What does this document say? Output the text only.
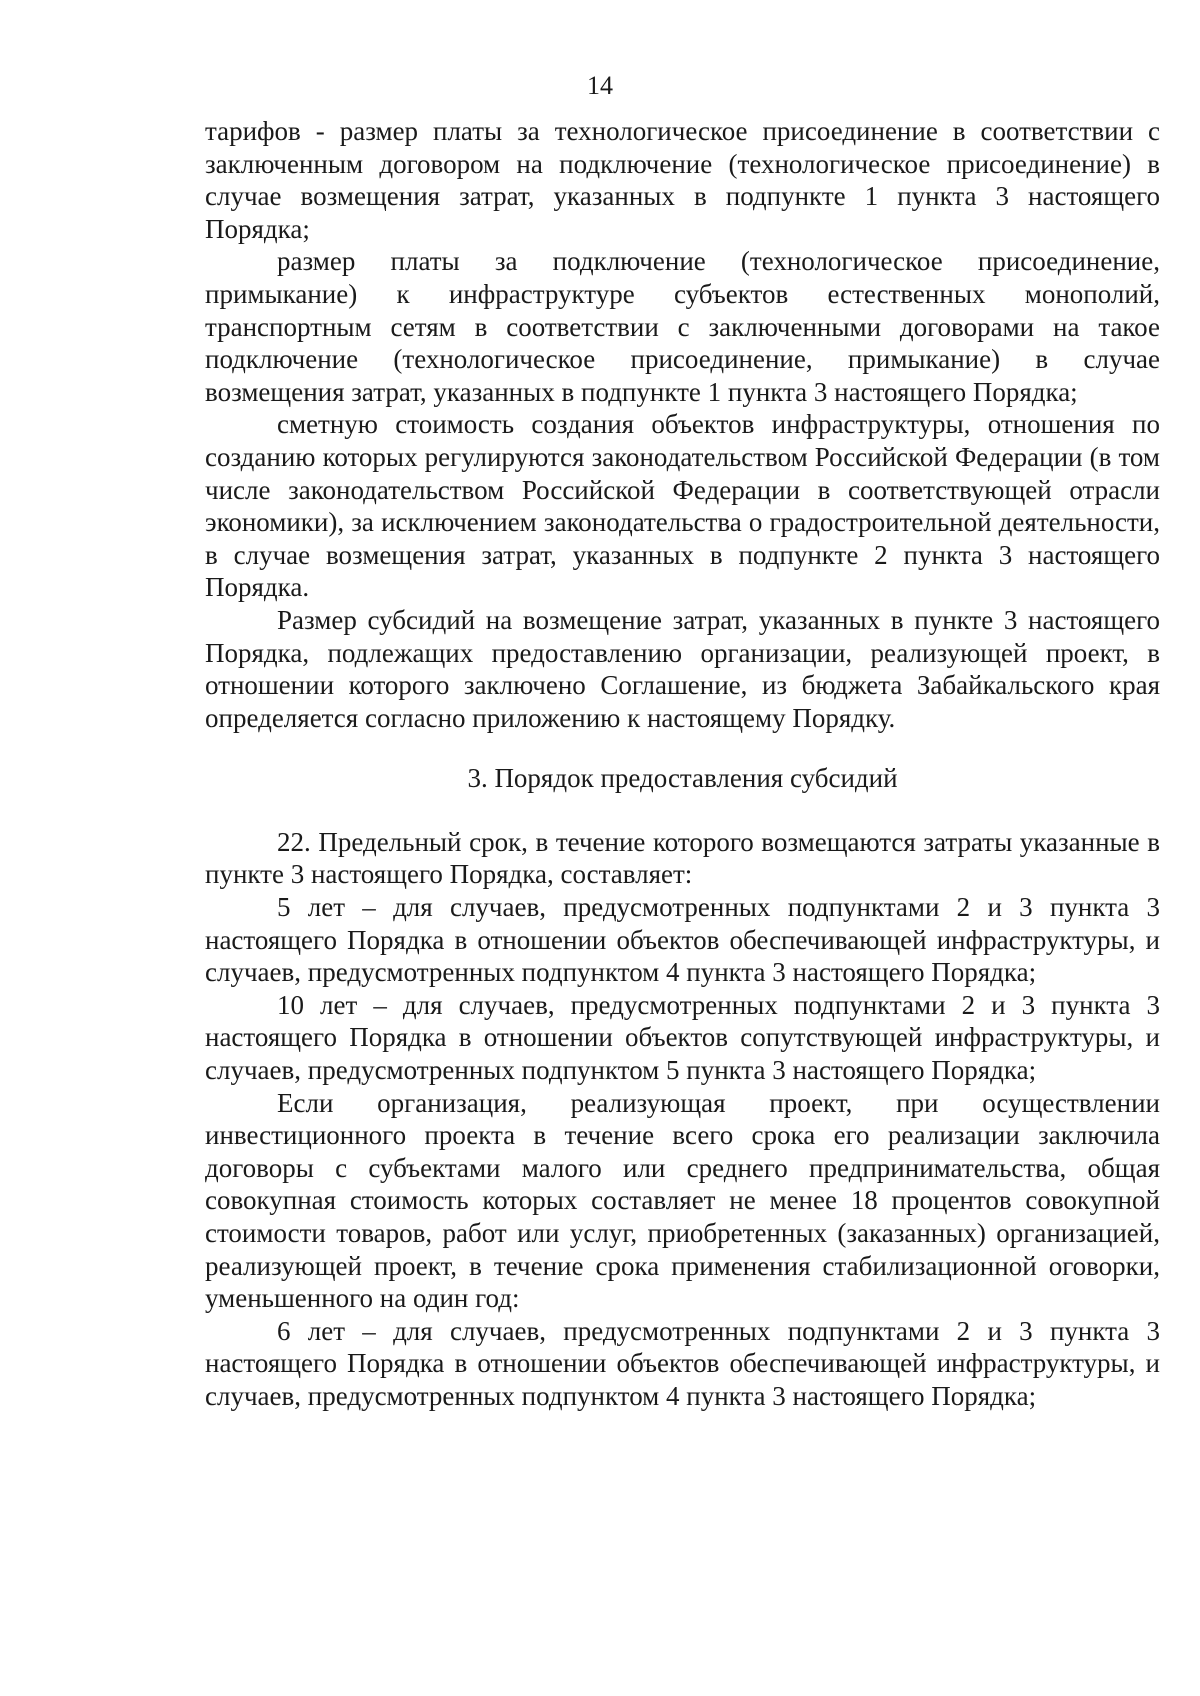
14

тарифов - размер платы за технологическое присоединение в соответствии с заключенным договором на подключение (технологическое присоединение) в случае возмещения затрат, указанных в подпункте 1 пункта 3 настоящего Порядка;

размер платы за подключение (технологическое присоединение, примыкание) к инфраструктуре субъектов естественных монополий, транспортным сетям в соответствии с заключенными договорами на такое подключение (технологическое присоединение, примыкание) в случае возмещения затрат, указанных в подпункте 1 пункта 3 настоящего Порядка;

сметную стоимость создания объектов инфраструктуры, отношения по созданию которых регулируются законодательством Российской Федерации (в том числе законодательством Российской Федерации в соответствующей отрасли экономики), за исключением законодательства о градостроительной деятельности, в случае возмещения затрат, указанных в подпункте 2 пункта 3 настоящего Порядка.

Размер субсидий на возмещение затрат, указанных в пункте 3 настоящего Порядка, подлежащих предоставлению организации, реализующей проект, в отношении которого заключено Соглашение, из бюджета Забайкальского края определяется согласно приложению к настоящему Порядку.

3. Порядок предоставления субсидий

22. Предельный срок, в течение которого возмещаются затраты указанные в пункте 3 настоящего Порядка, составляет:

5 лет – для случаев, предусмотренных подпунктами 2 и 3 пункта 3 настоящего Порядка в отношении объектов обеспечивающей инфраструктуры, и случаев, предусмотренных подпунктом 4 пункта 3 настоящего Порядка;

10 лет – для случаев, предусмотренных подпунктами 2 и 3 пункта 3 настоящего Порядка в отношении объектов сопутствующей инфраструктуры, и случаев, предусмотренных подпунктом 5 пункта 3 настоящего Порядка;

Если организация, реализующая проект, при осуществлении инвестиционного проекта в течение всего срока его реализации заключила договоры с субъектами малого или среднего предпринимательства, общая совокупная стоимость которых составляет не менее 18 процентов совокупной стоимости товаров, работ или услуг, приобретенных (заказанных) организацией, реализующей проект, в течение срока применения стабилизационной оговорки, уменьшенного на один год:

6 лет – для случаев, предусмотренных подпунктами 2 и 3 пункта 3 настоящего Порядка в отношении объектов обеспечивающей инфраструктуры, и случаев, предусмотренных подпунктом 4 пункта 3 настоящего Порядка;
